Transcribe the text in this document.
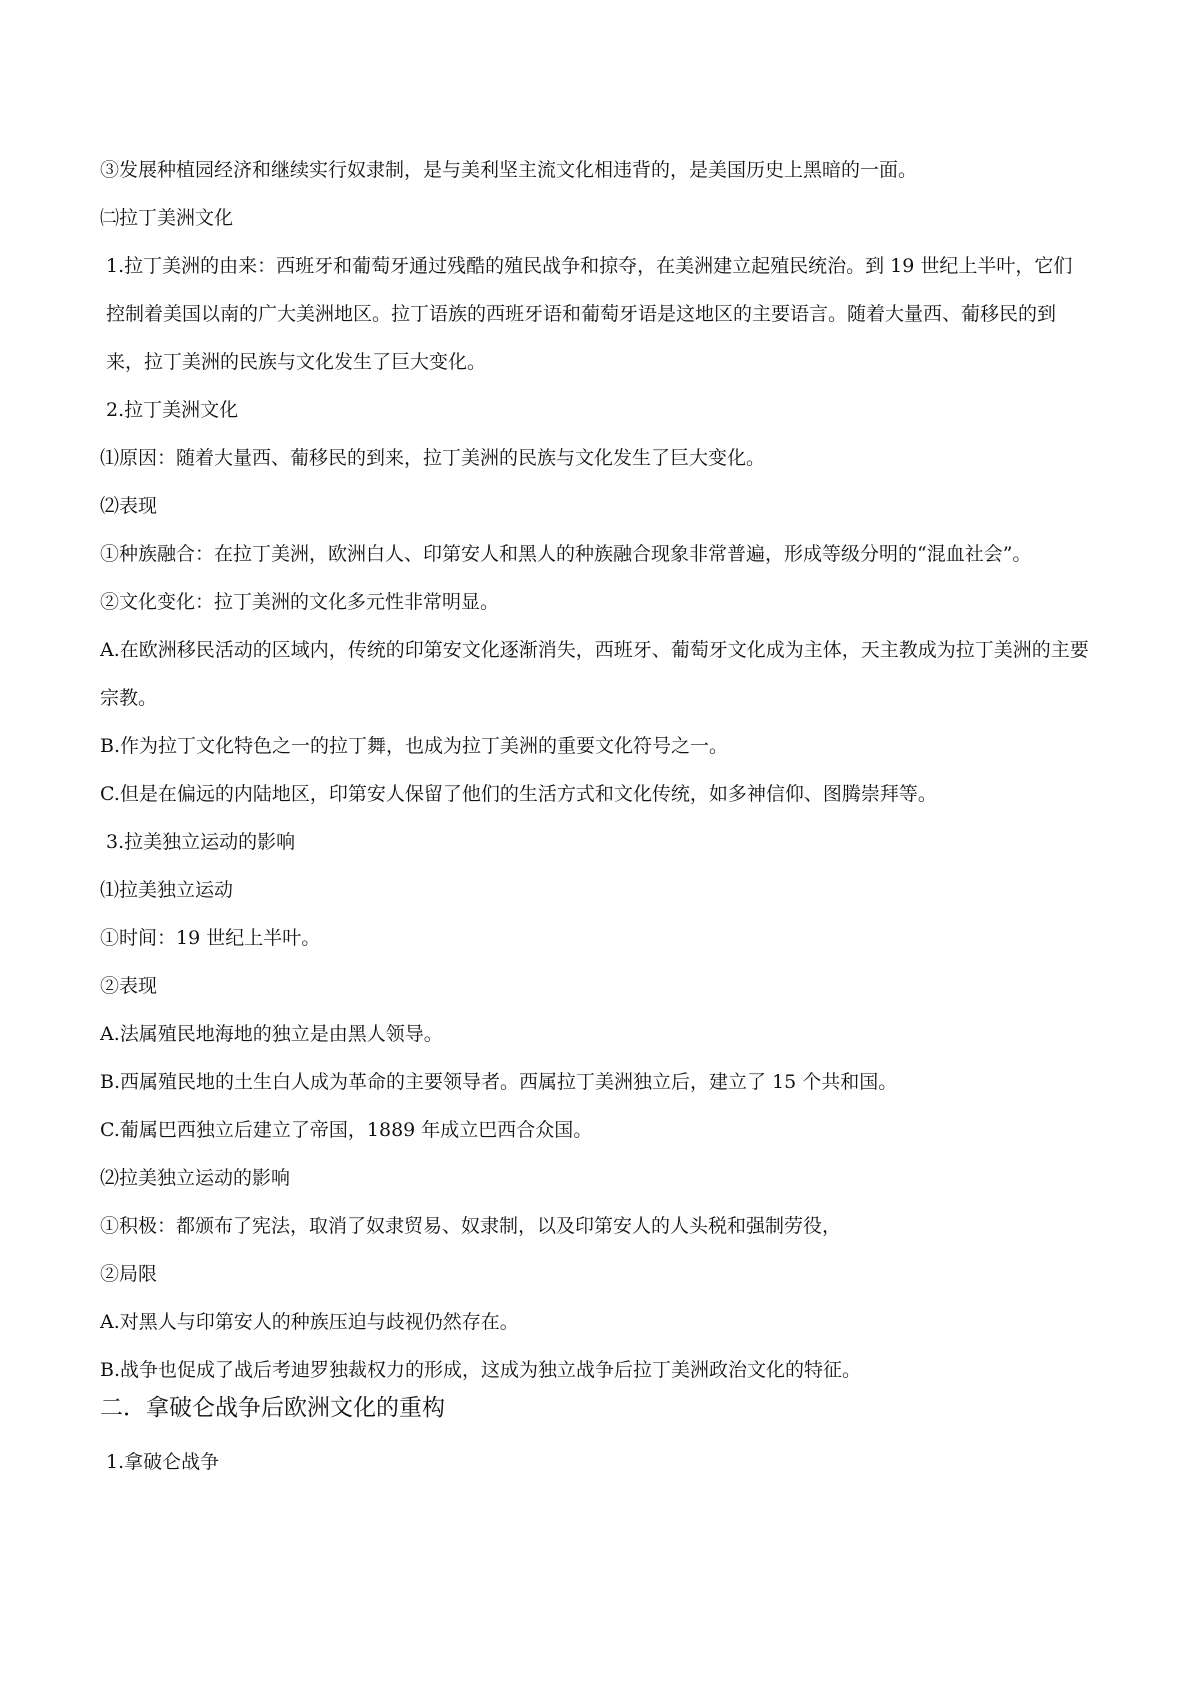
③发展种植园经济和继续实行奴隶制，是与美利坚主流文化相违背的，是美国历史上黑暗的一面。

㈡拉丁美洲文化

1.拉丁美洲的由来：西班牙和葡萄牙通过残酷的殖民战争和掠夺，在美洲建立起殖民统治。到 19 世纪上半叶，它们控制着美国以南的广大美洲地区。拉丁语族的西班牙语和葡萄牙语是这地区的主要语言。随着大量西、葡移民的到来，拉丁美洲的民族与文化发生了巨大变化。

2.拉丁美洲文化

⑴原因：随着大量西、葡移民的到来，拉丁美洲的民族与文化发生了巨大变化。

⑵表现

①种族融合：在拉丁美洲，欧洲白人、印第安人和黑人的种族融合现象非常普遍，形成等级分明的“混血社会”。

②文化变化：拉丁美洲的文化多元性非常明显。

A.在欧洲移民活动的区域内，传统的印第安文化逐渐消失，西班牙、葡萄牙文化成为主体，天主教成为拉丁美洲的主要宗教。

B.作为拉丁文化特色之一的拉丁舞，也成为拉丁美洲的重要文化符号之一。

C.但是在偏远的内陆地区，印第安人保留了他们的生活方式和文化传统，如多神信仰、图腾崇拜等。

3.拉美独立运动的影响

⑴拉美独立运动

①时间：19 世纪上半叶。

②表现

A.法属殖民地海地的独立是由黑人领导。

B.西属殖民地的土生白人成为革命的主要领导者。西属拉丁美洲独立后，建立了 15 个共和国。

C.葡属巴西独立后建立了帝国，1889 年成立巴西合众国。

⑵拉美独立运动的影响

①积极：都颁布了宪法，取消了奴隶贸易、奴隶制，以及印第安人的人头税和强制劳役，

②局限

A.对黑人与印第安人的种族压迫与歧视仍然存在。

B.战争也促成了战后考迪罗独裁权力的形成，这成为独立战争后拉丁美洲政治文化的特征。

二．拿破仑战争后欧洲文化的重构

1.拿破仑战争
